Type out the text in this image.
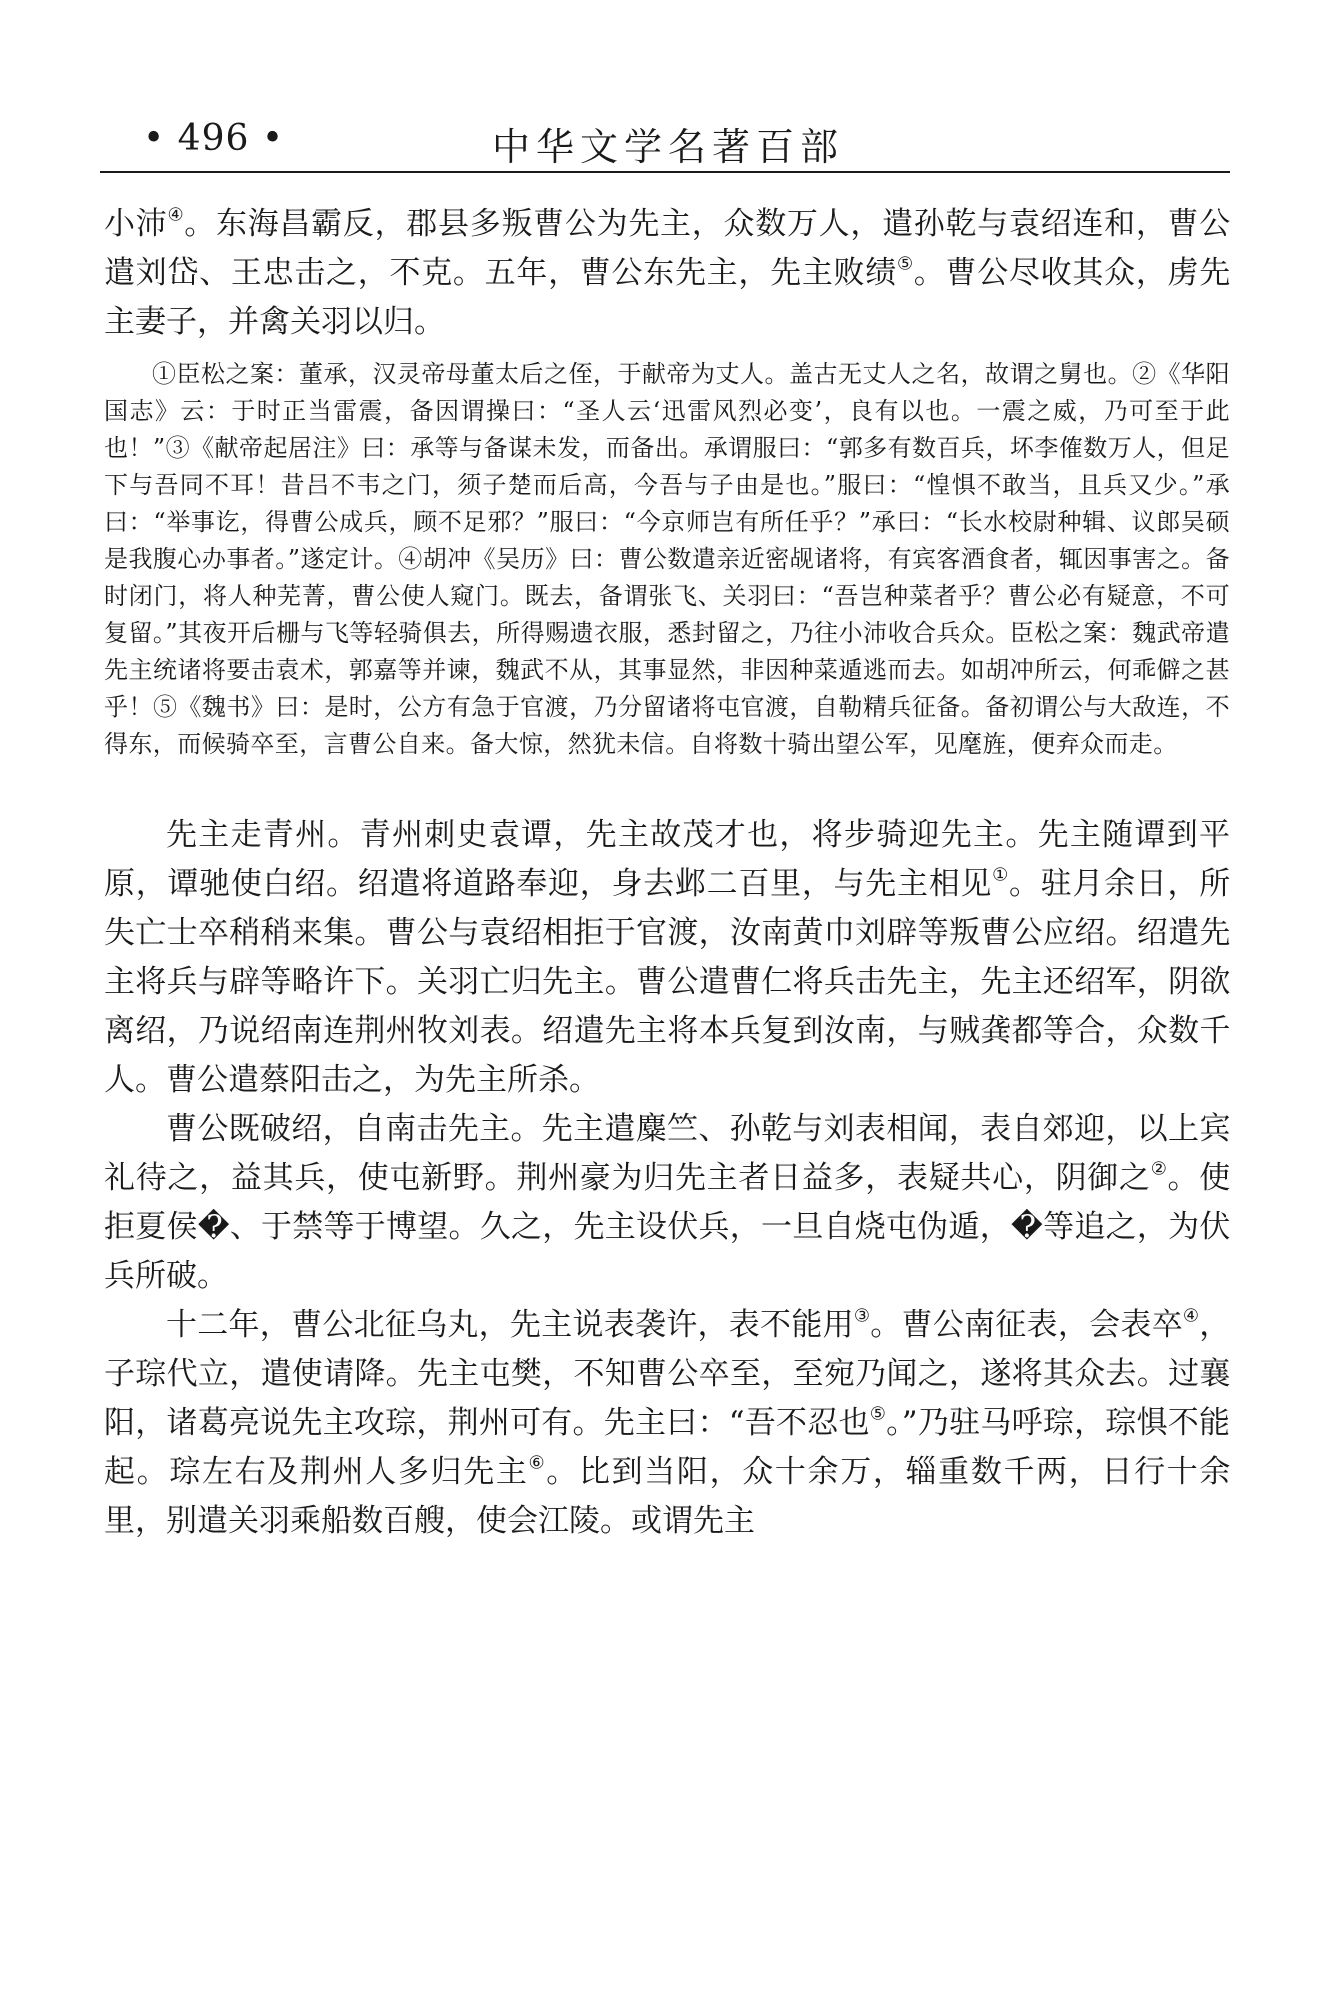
• 496 •	中华文学名著百部

小沛④。东海昌霸反，郡县多叛曹公为先主，众数万人，遣孙乾与袁绍连和，曹公遣刘岱、王忠击之，不克。五年，曹公东先主，先主败绩⑤。曹公尽收其众，虏先主妻子，并禽关羽以归。

①臣松之案：董承，汉灵帝母董太后之侄，于献帝为丈人。盖古无丈人之名，故谓之舅也。②《华阳国志》云：于时正当雷震，备因谓操曰：“圣人云‘迅雷风烈必变’，良有以也。一震之威，乃可至于此也！”③《献帝起居注》曰：承等与备谋未发，而备出。承谓服曰：“郭多有数百兵，坏李傕数万人，但足下与吾同不耳！昔吕不韦之门，须子楚而后高，今吾与子由是也。”服曰：“惶惧不敢当，且兵又少。”承曰：“举事讫，得曹公成兵，顾不足邪？”服曰：“今京师岂有所任乎？”承曰：“长水校尉种辑、议郎吴硕是我腹心办事者。”遂定计。④胡冲《吴历》曰：曹公数遣亲近密觇诸将，有宾客酒食者，辄因事害之。备时闭门，将人种芜菁，曹公使人窥门。既去，备谓张飞、关羽曰：“吾岂种菜者乎？曹公必有疑意，不可复留。”其夜开后栅与飞等轻骑俱去，所得赐遗衣服，悉封留之，乃往小沛收合兵众。臣松之案：魏武帝遣先主统诸将要击袁术，郭嘉等并谏，魏武不从，其事显然，非因种菜遁逃而去。如胡冲所云，何乖僻之甚乎！⑤《魏书》曰：是时，公方有急于官渡，乃分留诸将屯官渡，自勒精兵征备。备初谓公与大敌连，不得东，而候骑卒至，言曹公自来。备大惊，然犹未信。自将数十骑出望公军，见麾旌，便弃众而走。

先主走青州。青州刺史袁谭，先主故茂才也，将步骑迎先主。先主随谭到平原，谭驰使白绍。绍遣将道路奉迎，身去邺二百里，与先主相见①。驻月余日，所失亡士卒稍稍来集。曹公与袁绍相拒于官渡，汝南黄巾刘辟等叛曹公应绍。绍遣先主将兵与辟等略许下。关羽亡归先主。曹公遣曹仁将兵击先主，先主还绍军，阴欲离绍，乃说绍南连荆州牧刘表。绍遣先主将本兵复到汝南，与贼龚都等合，众数千人。曹公遣蔡阳击之，为先主所杀。

曹公既破绍，自南击先主。先主遣麋竺、孙乾与刘表相闻，表自郊迎，以上宾礼待之，益其兵，使屯新野。荆州豪为归先主者日益多，表疑共心，阴御之②。使拒夏侯�、于禁等于博望。久之，先主设伏兵，一旦自烧屯伪遁，�等追之，为伏兵所破。

十二年，曹公北征乌丸，先主说表袭许，表不能用③。曹公南征表，会表卒④，子琮代立，遣使请降。先主屯樊，不知曹公卒至，至宛乃闻之，遂将其众去。过襄阳，诸葛亮说先主攻琮，荆州可有。先主曰：“吾不忍也⑤。”乃驻马呼琮，琮惧不能起。琮左右及荆州人多归先主⑥。比到当阳，众十余万，辎重数千两，日行十余里，别遣关羽乘船数百艘，使会江陵。或谓先主
